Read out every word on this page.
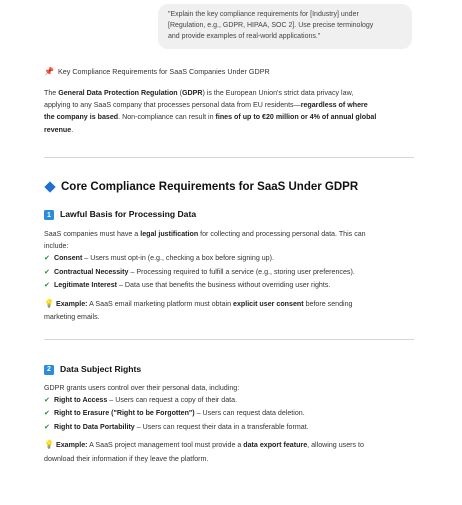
"Explain the key compliance requirements for [Industry] under
[Regulation, e.g., GDPR, HIPAA, SOC 2]. Use precise terminology
and provide examples of real-world applications."
📌 Key Compliance Requirements for SaaS Companies Under GDPR

The General Data Protection Regulation (GDPR) is the European Union's strict data privacy law,
applying to any SaaS company that processes personal data from EU residents—regardless of where
the company is based. Non-compliance can result in fines of up to €20 million or 4% of annual global
revenue.

Core Compliance Requirements for SaaS Under GDPR
1	Lawful Basis for Processing Data

SaaS companies must have a legal justification for collecting and processing personal data. This can
include:

✔ Consent – Users must opt-in (e.g., checking a box before signing up).
✔ Contractual Necessity – Processing required to fulfill a service (e.g., storing user preferences).
✔ Legitimate Interest – Data use that benefits the business without overriding user rights.

💡 Example: A SaaS email marketing platform must obtain explicit user consent before sending
marketing emails.

2	Data Subject Rights

GDPR grants users control over their personal data, including:

✔ Right to Access – Users can request a copy of their data.
✔ Right to Erasure ("Right to be Forgotten") – Users can request data deletion.
✔ Right to Data Portability – Users can request their data in a transferable format.

💡 Example: A SaaS project management tool must provide a data export feature, allowing users to
download their information if they leave the platform.
